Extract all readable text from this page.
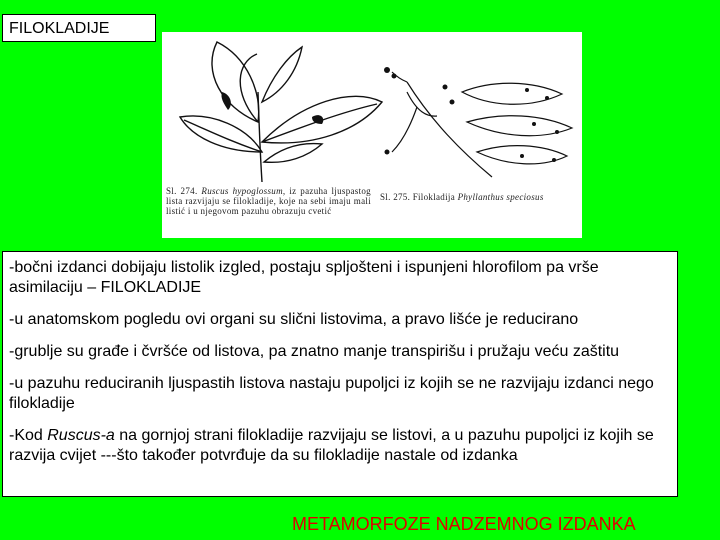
FILOKLADIJE
Sl. 274. Ruscus hypoglossum, iz pazuha ljuspastog lista razvijaju se filokladije, koje na sebi imaju mali listić i u njegovom pazuhu obrazuju cvetić
Sl. 275. Filokladija Phyllanthus speciosus

-bočni izdanci dobijaju listolik izgled, postaju spljošteni i ispunjeni hlorofilom pa vrše asimilaciju – FILOKLADIJE

-u anatomskom pogledu ovi organi su slični listovima, a pravo lišće je reducirano

-grublje su građe i čvršće od listova, pa znatno manje transpirišu i pružaju veću zaštitu

-u pazuhu reduciranih ljuspastih listova nastaju pupoljci iz kojih se ne razvijaju izdanci nego filokladije

-Kod Ruscus-a na gornjoj strani filokladije razvijaju se listovi, a u pazuhu pupoljci iz kojih se razvija cvijet ---što također potvrđuje da su filokladije nastale od izdanka

METAMORFOZE NADZEMNOG IZDANKA
